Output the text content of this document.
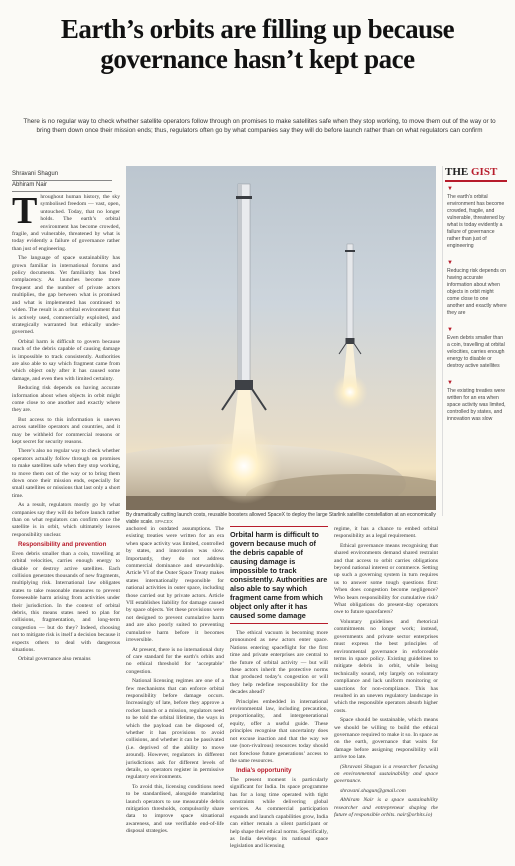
Earth’s orbits are filling up because governance hasn’t kept pace

There is no regular way to check whether satellite operators follow through on promises to make satellites safe when they stop working, to move them out of the way or to bring them down once their mission ends; thus, regulators often go by what companies say they will do before launch rather than on what regulators can confirm

Shravani Shagun
Abhiram Nair

Throughout human history, the sky symbolised freedom — vast, open, untouched. Today, that no longer holds. The earth’s orbital environment has become crowded, fragile, and vulnerable, threatened by what is today evidently a failure of governance rather than just of engineering.

The language of space sustainability has grown familiar in international forums and policy documents. Yet familiarity has bred complacency. As launches become more frequent and the number of private actors multiplies, the gap between what is promised and what is implemented has continued to widen. The result is an orbital environment that is actively used, commercially exploited, and strategically warranted but ethically under-governed.

Orbital harm is difficult to govern because much of the debris capable of causing damage is impossible to track consistently. Authorities are also able to say which fragment came from which object only after it has caused some damage, and even then with limited certainty.

Reducing risk depends on having accurate information about when objects in orbit might come close to one another and exactly where they are.

But access to this information is uneven across satellite operators and countries, and it may be withheld for commercial reasons or kept secret for security reasons.

There’s also no regular way to check whether operators actually follow through on promises to make satellites safe when they stop working, to move them out of the way or to bring them down once their mission ends, especially for small satellites or missions that last only a short time.

As a result, regulators mostly go by what companies say they will do before launch rather than on what regulators can confirm once the satellite is in orbit, which ultimately leaves responsibility unclear.

Responsibility and prevention

Even debris smaller than a coin, travelling at orbital velocities, carries enough energy to disable or destroy active satellites. Each collision generates thousands of new fragments, multiplying risk. International law obligates states to take reasonable measures to prevent foreseeable harm arising from activities under their jurisdiction. In the context of orbital debris, this means states need to plan for collisions, fragmentation, and long-term congestion — but do they? Indeed, choosing not to mitigate risk is itself a decision because it expects others to deal with dangerous situations.

Orbital governance also remains

By dramatically cutting launch costs, reusable boosters allowed SpaceX to deploy the large Starlink satellite constellation at an economically viable scale. SPACEX
THE GIST
▼
The earth’s orbital environment has become crowded, fragile, and vulnerable, threatened by what is today evidently a failure of governance rather than just of engineering
▼
Reducing risk depends on having accurate information about when objects in orbit might come close to one another and exactly where they are
▼
Even debris smaller than a coin, travelling at orbital velocities, carries enough energy to disable or destroy active satellites
▼
The existing treaties were written for an era when space activity was limited, controlled by states, and innovation was slow

anchored in outdated assumptions. The existing treaties were written for an era when space activity was limited, controlled by states, and innovation was slow. Importantly, they do not address commercial dominance and stewardship. Article VI of the Outer Space Treaty makes states internationally responsible for national activities in outer space, including those carried out by private actors. Article VII establishes liability for damage caused by space objects. Yet these provisions were not designed to prevent cumulative harm and are also poorly suited to preventing cumulative harm before it becomes irreversible.

At present, there is no international duty of care standard for the earth’s orbits and no ethical threshold for ‘acceptable’ congestion.

National licensing regimes are one of a few mechanisms that can enforce orbital responsibility before damage occurs. Increasingly of late, before they approve a rocket launch or a mission, regulators need to be told the orbital lifetime, the ways in which the payload can be disposed of, whether it has provisions to avoid collisions, and whether it can be passivated (i.e. deprived of the ability to move around). However, regulators in different jurisdictions ask for different levels of details, so operators register in permissive regulatory environments.

To avoid this, licensing conditions need to be standardised, alongside mandating launch operators to use measurable debris mitigation thresholds, compulsorily share data to improve space situational awareness, and use verifiable end-of-life disposal strategies.

Orbital harm is difficult to govern because much of the debris capable of causing damage is impossible to track consistently. Authorities are also able to say which fragment came from which object only after it has caused some damage

The ethical vacuum is becoming more pronounced as new actors enter space. Nations entering spaceflight for the first time and private enterprises are central to the future of orbital activity — but will these actors inherit the protective norms that produced today’s congestion or will they help redefine responsibility for the decades ahead?

Principles embedded in international environmental law, including precaution, proportionality, and intergenerational equity, offer a useful guide. These principles recognise that uncertainty does not excuse inaction and that the way we use (non-rivalrous) resources today should not foreclose future generations’ access to the same resources.

India’s opportunity

The present moment is particularly significant for India. Its space programme has for a long time operated with tight constraints while delivering global services. As commercial participation expands and launch capabilities grow, India can either remain a silent participant or help shape their ethical norms. Specifically, as India develops its national space legislation and licensing

regime, it has a chance to embed orbital responsibility as a legal requirement.

Ethical governance means recognising that shared environments demand shared restraint and that access to orbit carries obligations beyond national interest or commerce. Setting up such a governing system in turn requires us to answer some tough questions first: When does congestion become negligence? Who bears responsibility for cumulative risk? What obligations do present-day operators owe to future spacefarers?

Voluntary guidelines and rhetorical commitments no longer work; instead, governments and private sector enterprises must express the best principles of environmental governance in enforceable terms in space policy. Existing guidelines to mitigate debris in orbit, while being technically sound, rely largely on voluntary compliance and lack uniform monitoring or sanctions for non-compliance. This has resulted in an uneven regulatory landscape in which the responsible operators absorb higher costs.

Space should be sustainable, which means we should be willing to build the ethical governance required to make it so. In space as on the earth, governance that waits for damage before assigning responsibility will arrive too late.

(Shravani Shagun is a researcher focusing on environmental sustainability and space governance.

shravani.shagun@gmail.com

Abhiram Nair is a space sustainability researcher and entrepreneur shaping the future of responsible orbits. nair@orbits.io)
